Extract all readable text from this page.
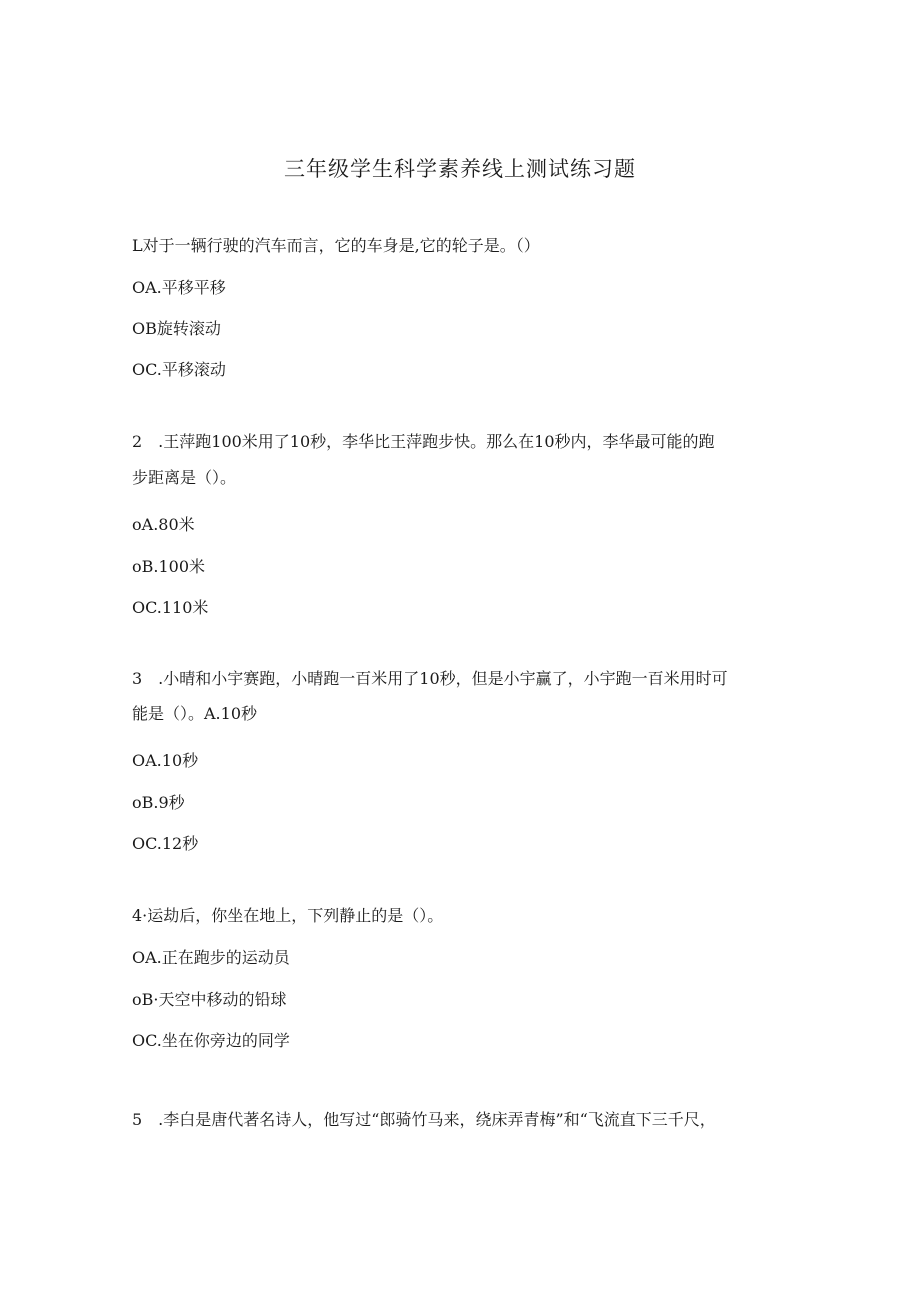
三年级学生科学素养线上测试练习题

L对于一辆行驶的汽车而言，它的车身是,它的轮子是。（）

OA.平移平移

OB旋转滚动

OC.平移滚动

2　.王萍跑100米用了10秒，李华比王萍跑步快。那么在10秒内，李华最可能的跑

步距离是（）。

oA.80米

oB.100米

OC.110米

3　.小晴和小宇赛跑，小晴跑一百米用了10秒，但是小宇赢了，小宇跑一百米用时可

能是（）。A.10秒

OA.10秒

oB.9秒

OC.12秒

4·运劫后，你坐在地上，下列静止的是（）。

OA.正在跑步的运动员

oB·天空中移动的铅球

OC.坐在你旁边的同学

5　.李白是唐代著名诗人，他写过“郎骑竹马来，绕床弄青梅”和“飞流直下三千尺，
